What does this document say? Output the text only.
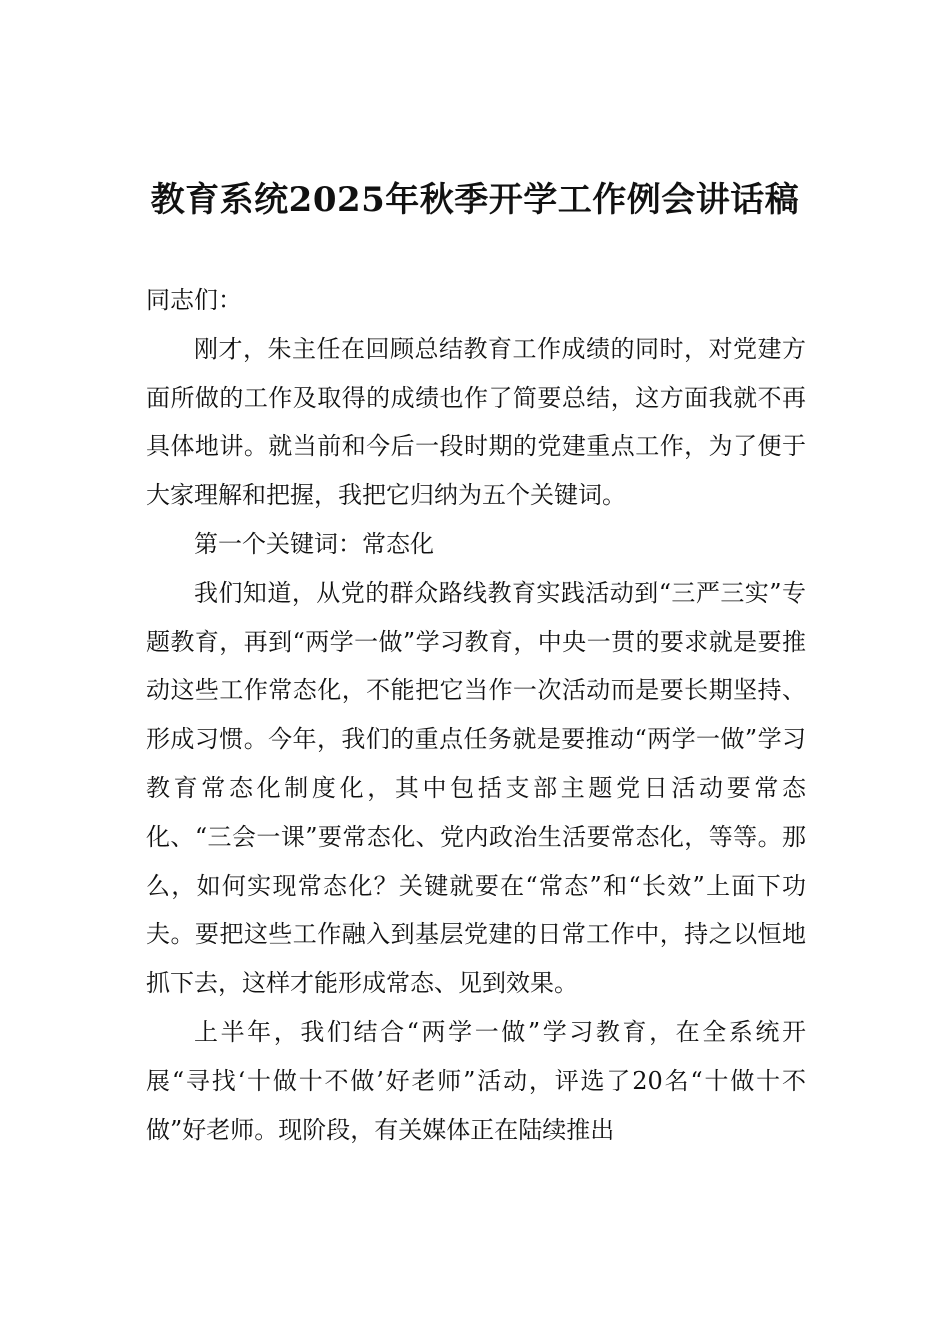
教育系统2025年秋季开学工作例会讲话稿

同志们：

刚才，朱主任在回顾总结教育工作成绩的同时，对党建方面所做的工作及取得的成绩也作了简要总结，这方面我就不再具体地讲。就当前和今后一段时期的党建重点工作，为了便于大家理解和把握，我把它归纳为五个关键词。

第一个关键词：常态化

我们知道，从党的群众路线教育实践活动到“三严三实”专题教育，再到“两学一做”学习教育，中央一贯的要求就是要推动这些工作常态化，不能把它当作一次活动而是要长期坚持、形成习惯。今年，我们的重点任务就是要推动“两学一做”学习教育常态化制度化，其中包括支部主题党日活动要常态化、“三会一课”要常态化、党内政治生活要常态化，等等。那么，如何实现常态化？关键就要在“常态”和“长效”上面下功夫。要把这些工作融入到基层党建的日常工作中，持之以恒地抓下去，这样才能形成常态、见到效果。

上半年，我们结合“两学一做”学习教育，在全系统开展“寻找‘十做十不做’好老师”活动，评选了20名“十做十不做”好老师。现阶段，有关媒体正在陆续推出
